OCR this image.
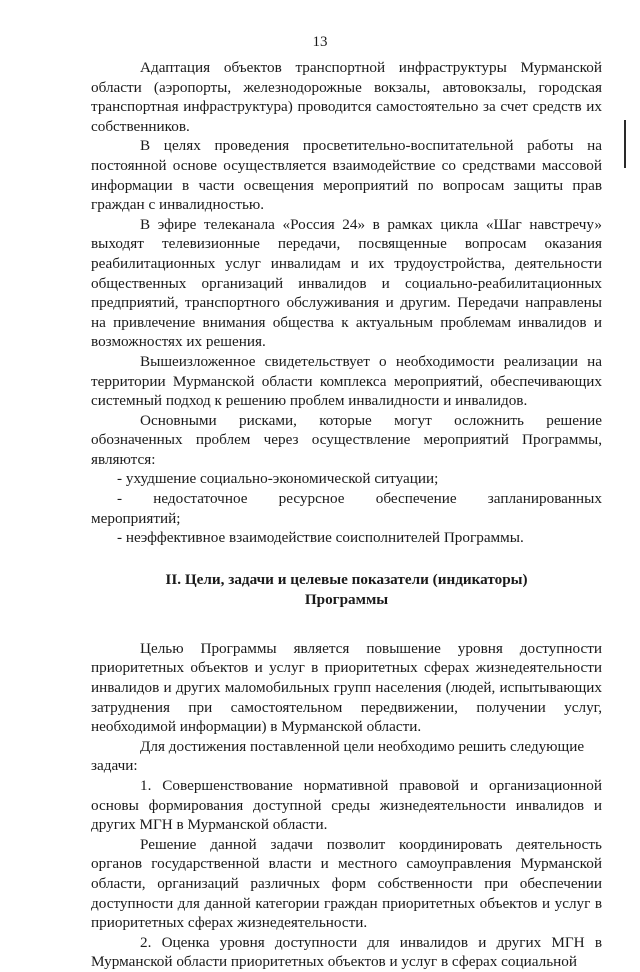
13

Адаптация объектов транспортной инфраструктуры Мурманской области (аэропорты, железнодорожные вокзалы, автовокзалы, городская транспортная инфраструктура) проводится самостоятельно за счет средств их собственников.

В целях проведения просветительно-воспитательной работы на постоянной основе осуществляется взаимодействие со средствами массовой информации в части освещения мероприятий по вопросам защиты прав граждан с инвалидностью.

В эфире телеканала «Россия 24» в рамках цикла «Шаг навстречу» выходят телевизионные передачи, посвященные вопросам оказания реабилитационных услуг инвалидам и их трудоустройства, деятельности общественных организаций инвалидов и социально-реабилитационных предприятий, транспортного обслуживания и другим. Передачи направлены на привлечение внимания общества к актуальным проблемам инвалидов и возможностях их решения.

Вышеизложенное свидетельствует о необходимости реализации на территории Мурманской области комплекса мероприятий, обеспечивающих системный подход к решению проблем инвалидности и инвалидов.

Основными рисками, которые могут осложнить решение обозначенных проблем через осуществление мероприятий Программы, являются:

- ухудшение социально-экономической ситуации;

- недостаточное ресурсное обеспечение запланированных

мероприятий;

- неэффективное взаимодействие соисполнителей Программы.

II. Цели, задачи и целевые показатели (индикаторы)
Программы

Целью Программы является повышение уровня доступности приоритетных объектов и услуг в приоритетных сферах жизнедеятельности инвалидов и других маломобильных групп населения (людей, испытывающих затруднения при самостоятельном передвижении, получении услуг, необходимой информации) в Мурманской области.

Для достижения поставленной цели необходимо решить следующие

задачи:

1. Совершенствование нормативной правовой и организационной основы формирования доступной среды жизнедеятельности инвалидов и других МГН в Мурманской области.

Решение данной задачи позволит координировать деятельность органов государственной власти и местного самоуправления Мурманской области, организаций различных форм собственности при обеспечении доступности для данной категории граждан приоритетных объектов и услуг в приоритетных сферах жизнедеятельности.

2. Оценка уровня доступности для инвалидов и других МГН в Мурманской области приоритетных объектов и услуг в сферах социальной
